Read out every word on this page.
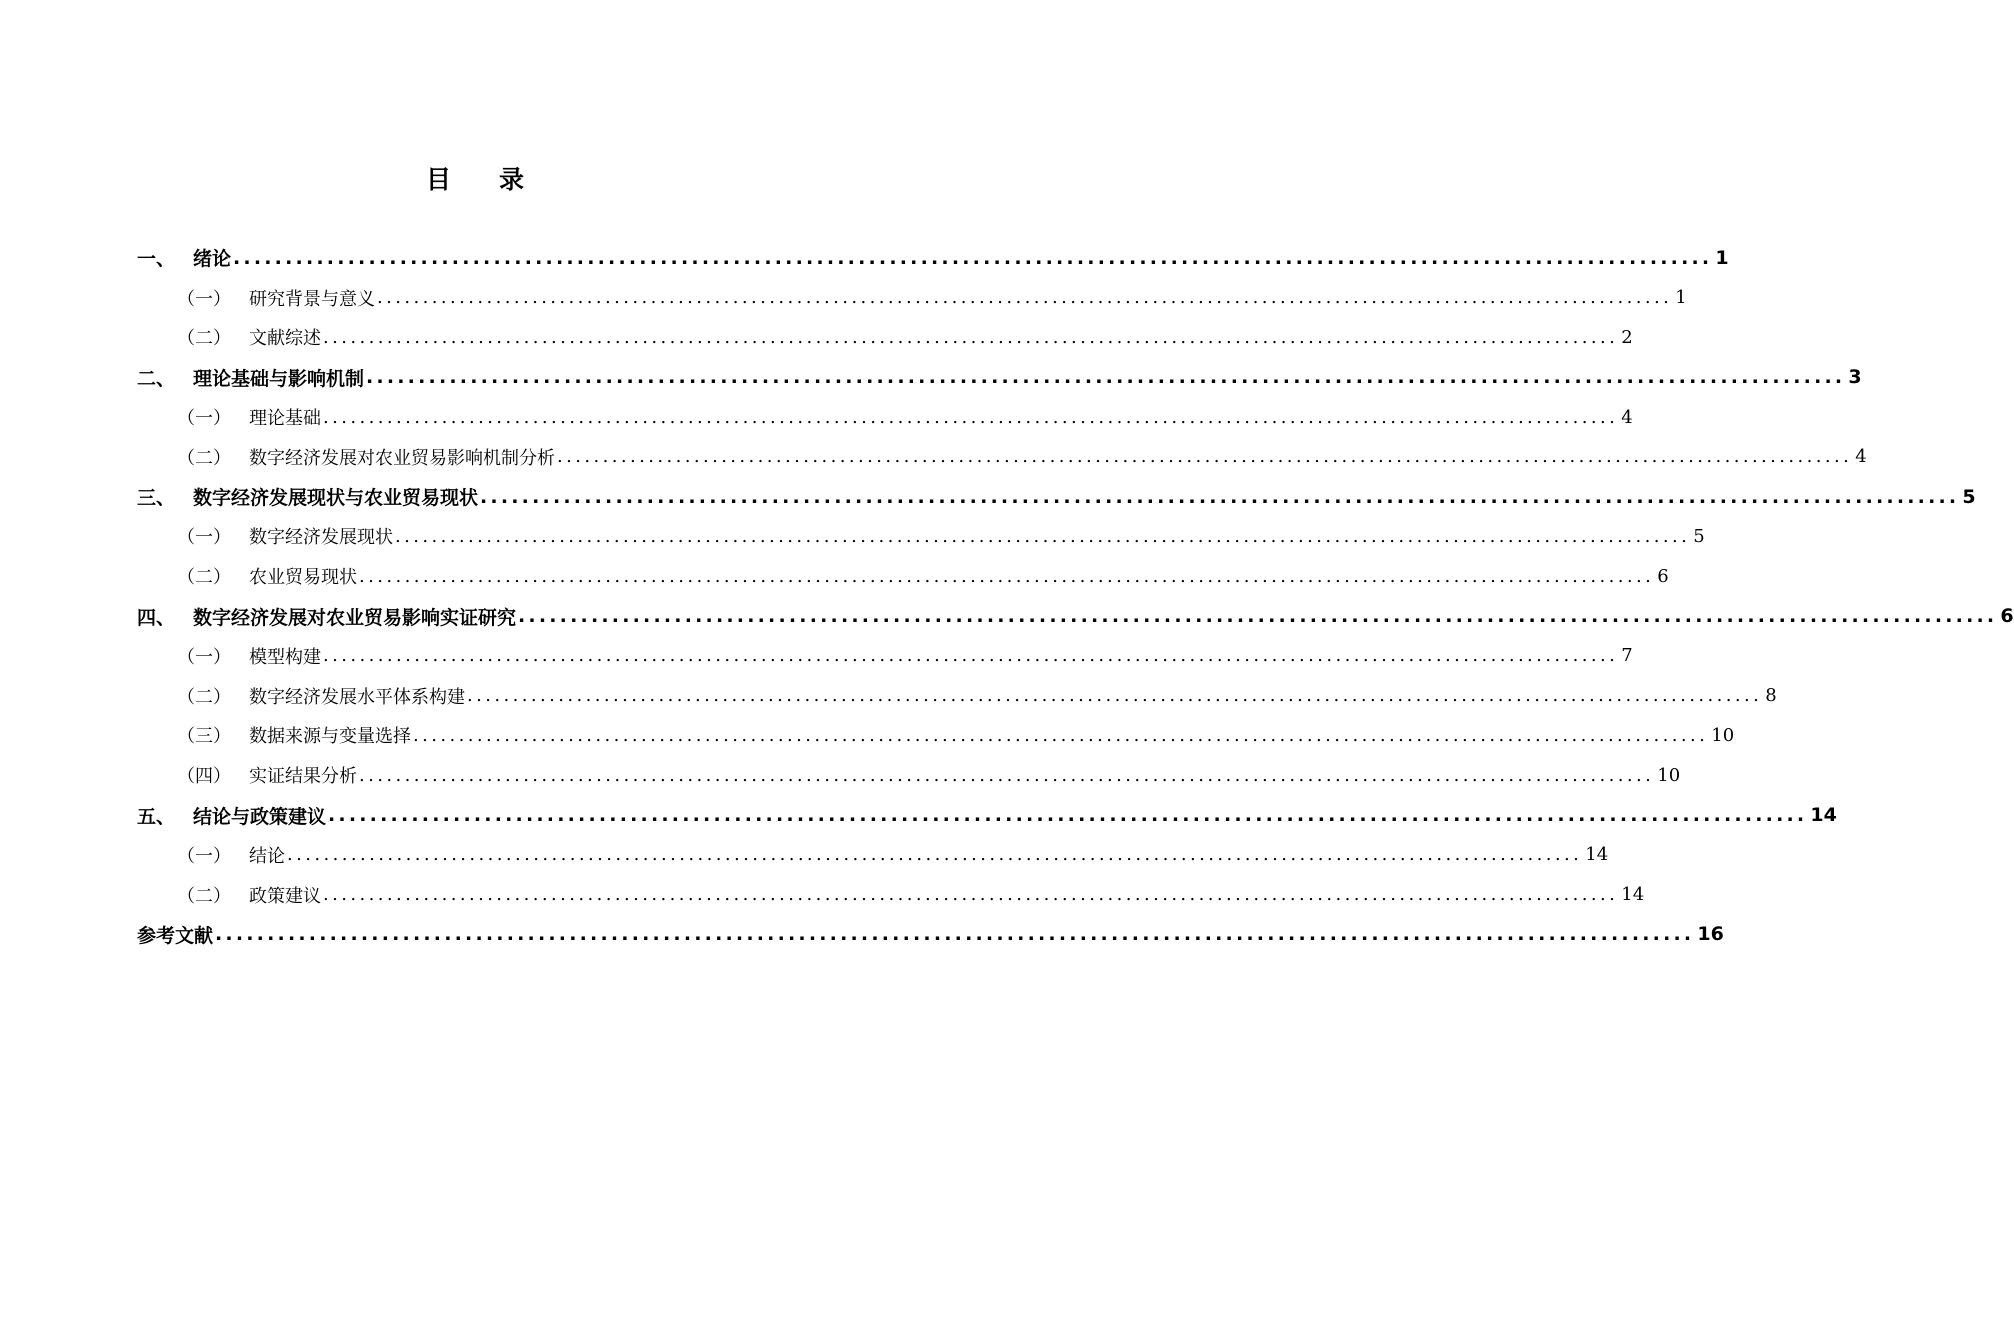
目 录
一、 绪论 .............................................................................................................................................. 1
（一）	研究背景与意义 .............................................................................................................................................. 1
（二）	文献综述 .............................................................................................................................................. 2
二、 理论基础与影响机制 .............................................................................................................................................. 3
（一）	理论基础 .............................................................................................................................................. 4
（二）	数字经济发展对农业贸易影响机制分析 .............................................................................................................................................. 4
三、 数字经济发展现状与农业贸易现状 .............................................................................................................................................. 5
（一）	数字经济发展现状 .............................................................................................................................................. 5
（二）	农业贸易现状 .............................................................................................................................................. 6
四、 数字经济发展对农业贸易影响实证研究 .............................................................................................................................................. 6
（一）	模型构建 .............................................................................................................................................. 7
（二）	数字经济发展水平体系构建 .............................................................................................................................................. 8
（三）	数据来源与变量选择 .............................................................................................................................................. 10
（四）	实证结果分析 .............................................................................................................................................. 10
五、 结论与政策建议 .............................................................................................................................................. 14
（一）	结论 .............................................................................................................................................. 14
（二）	政策建议 .............................................................................................................................................. 14
参考文献 .............................................................................................................................................. 16
